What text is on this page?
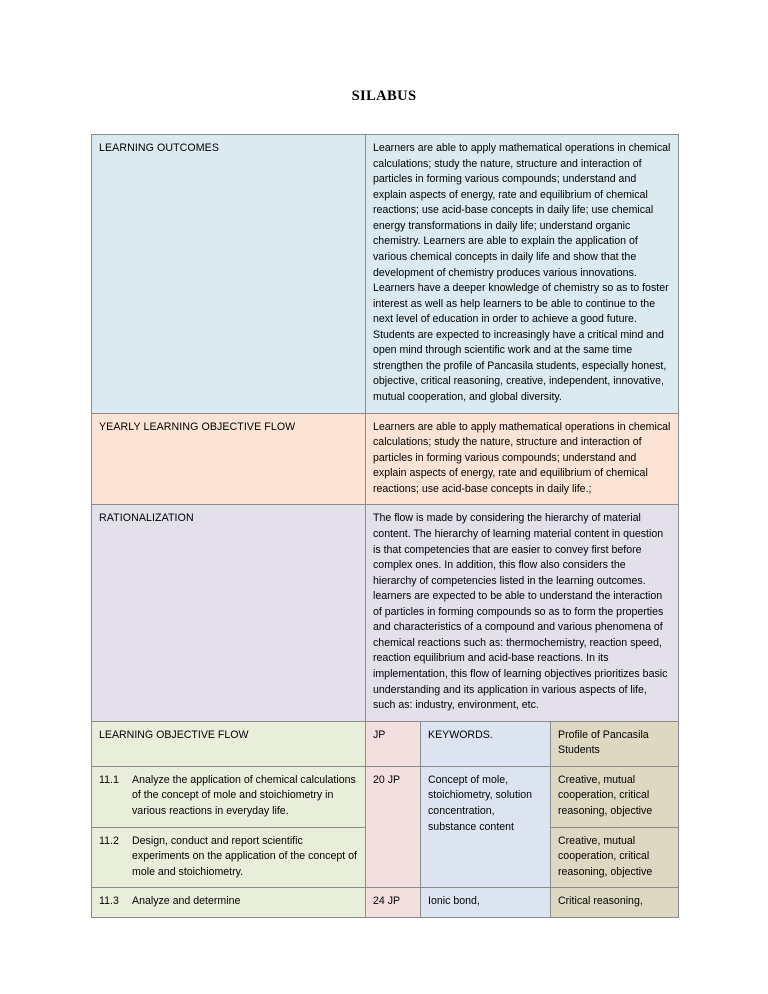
SILABUS
LEARNING OUTCOMES	Learners are able to apply mathematical operations in chemical calculations; study the nature, structure and interaction of particles in forming various compounds; understand and explain aspects of energy, rate and equilibrium of chemical reactions; use acid-base concepts in daily life; use chemical energy transformations in daily life; understand organic chemistry. Learners are able to explain the application of various chemical concepts in daily life and show that the development of chemistry produces various innovations. Learners have a deeper knowledge of chemistry so as to foster interest as well as help learners to be able to continue to the next level of education in order to achieve a good future. Students are expected to increasingly have a critical mind and open mind through scientific work and at the same time strengthen the profile of Pancasila students, especially honest, objective, critical reasoning, creative, independent, innovative, mutual cooperation, and global diversity.		
YEARLY LEARNING OBJECTIVE FLOW	Learners are able to apply mathematical operations in chemical calculations; study the nature, structure and interaction of particles in forming various compounds; understand and explain aspects of energy, rate and equilibrium of chemical reactions; use acid-base concepts in daily life.;		
RATIONALIZATION	The flow is made by considering the hierarchy of material content. The hierarchy of learning material content in question is that competencies that are easier to convey first before complex ones. In addition, this flow also considers the hierarchy of competencies listed in the learning outcomes. learners are expected to be able to understand the interaction of particles in forming compounds so as to form the properties and characteristics of a compound and various phenomena of chemical reactions such as: thermochemistry, reaction speed, reaction equilibrium and acid-base reactions. In its implementation, this flow of learning objectives prioritizes basic understanding and its application in various aspects of life, such as: industry, environment, etc.		
LEARNING OBJECTIVE FLOW	JP	KEYWORDS.	Profile of Pancasila Students

11.1 Analyze the application of chemical calculations of the concept of mole and stoichiometry in various reactions in everyday life.	20 JP	Concept of mole, stoichiometry, solution concentration, substance content	Creative, mutual cooperation, critical reasoning, objective

11.2 Design, conduct and report scientific experiments on the application of the concept of mole and stoichiometry.			Creative, mutual cooperation, critical reasoning, objective

11.3 Analyze and determine	24 JP	Ionic bond,	Critical reasoning,
